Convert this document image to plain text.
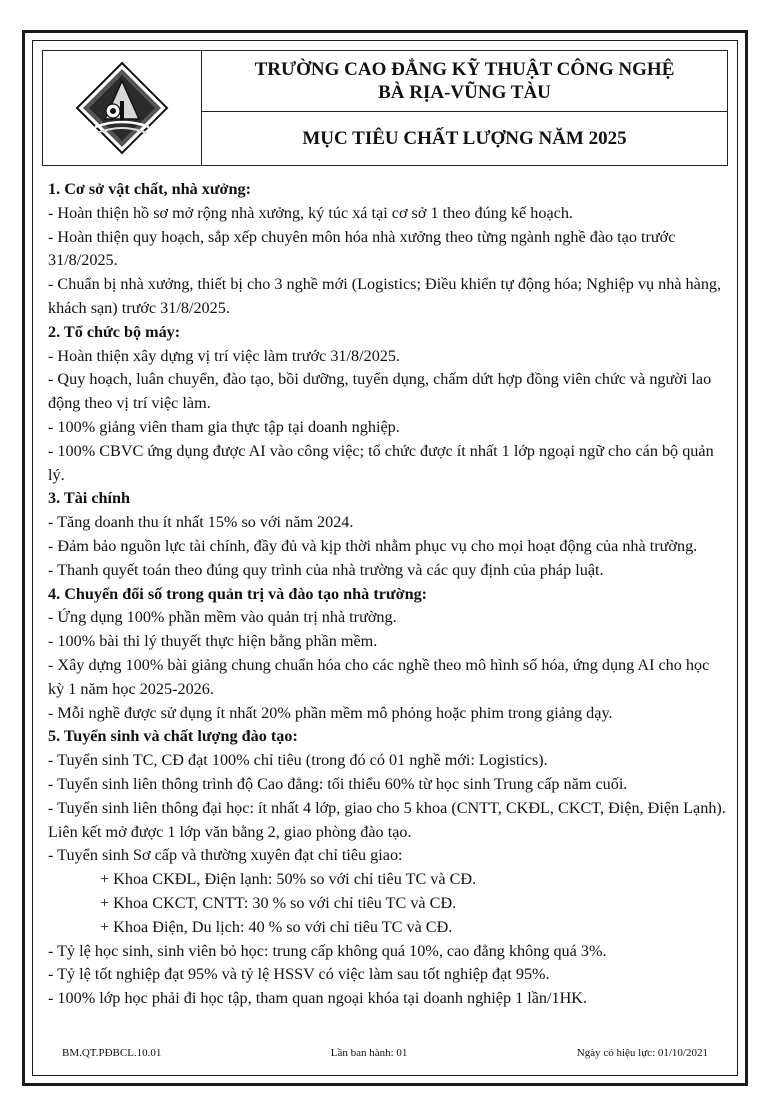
TRƯỜNG CAO ĐẲNG KỸ THUẬT CÔNG NGHỆ
BÀ RỊA-VŨNG TÀU
MỤC TIÊU CHẤT LƯỢNG NĂM 2025

1. Cơ sở vật chất, nhà xưởng:

- Hoàn thiện hồ sơ mở rộng nhà xưởng, ký túc xá tại cơ sở 1 theo đúng kế hoạch.

- Hoàn thiện quy hoạch, sắp xếp chuyên môn hóa nhà xưởng theo từng ngành nghề đào tạo trước 31/8/2025.

- Chuẩn bị nhà xưởng, thiết bị cho 3 nghề mới (Logistics; Điều khiển tự động hóa; Nghiệp vụ nhà hàng, khách sạn) trước 31/8/2025.

2. Tổ chức bộ máy:

- Hoàn thiện xây dựng vị trí việc làm trước 31/8/2025.

- Quy hoạch, luân chuyển, đào tạo, bồi dưỡng, tuyển dụng, chấm dứt hợp đồng viên chức và người lao động theo vị trí việc làm.

- 100% giảng viên tham gia thực tập tại doanh nghiệp.

- 100% CBVC ứng dụng được AI vào công việc; tổ chức được ít nhất 1 lớp ngoại ngữ cho cán bộ quản lý.

3. Tài chính

- Tăng doanh thu ít nhất 15% so với năm 2024.

- Đảm bảo nguồn lực tài chính, đầy đủ và kịp thời nhằm phục vụ cho mọi hoạt động của nhà trường.

- Thanh quyết toán theo đúng quy trình của nhà trường và các quy định của pháp luật.

4. Chuyển đổi số trong quản trị và đào tạo nhà trường:

- Ứng dụng 100% phần mềm vào quản trị nhà trường.

- 100% bài thi lý thuyết thực hiện bằng phần mềm.

- Xây dựng 100% bài giảng chung chuẩn hóa cho các nghề theo mô hình số hóa, ứng dụng AI cho học kỳ 1 năm học 2025-2026.

- Mỗi nghề được sử dụng ít nhất 20% phần mềm mô phỏng hoặc phim trong giảng dạy.

5. Tuyển sinh và chất lượng đào tạo:

- Tuyển sinh TC, CĐ đạt 100% chỉ tiêu (trong đó có 01 nghề mới: Logistics).

- Tuyển sinh liên thông trình độ Cao đẳng: tối thiểu 60% từ học sinh Trung cấp năm cuối.

- Tuyển sinh liên thông đại học: ít nhất 4 lớp, giao cho 5 khoa (CNTT, CKĐL, CKCT, Điện, Điện Lạnh). Liên kết mở được 1 lớp văn bằng 2, giao phòng đào tạo.

- Tuyển sinh Sơ cấp và thường xuyên đạt chỉ tiêu giao:

+ Khoa CKĐL, Điện lạnh: 50% so với chỉ tiêu TC và CĐ.

+ Khoa CKCT, CNTT: 30 % so với chỉ tiêu TC và CĐ.

+ Khoa Điện, Du lịch: 40 % so với chỉ tiêu TC và CĐ.

- Tỷ lệ học sinh, sinh viên bỏ học: trung cấp không quá 10%, cao đẳng không quá 3%.

- Tỷ lệ tốt nghiệp đạt 95% và tỷ lệ HSSV có việc làm sau tốt nghiệp đạt 95%.

- 100% lớp học phải đi học tập, tham quan ngoại khóa tại doanh nghiệp 1 lần/1HK.

BM.QT.PĐBCL.10.01	Lần ban hành: 01	Ngày có hiệu lực: 01/10/2021
